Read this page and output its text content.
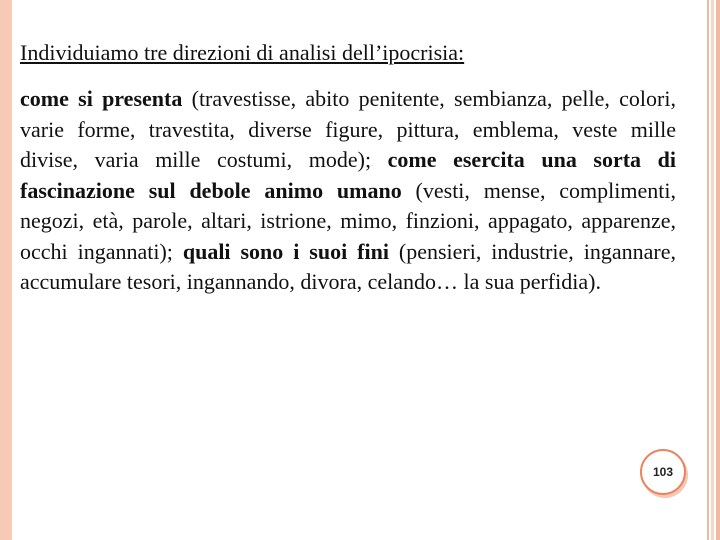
Individuiamo tre direzioni di analisi dell’ipocrisia:

come si presenta (travestisse, abito penitente, sembianza, pelle, colori, varie forme, travestita, diverse figure, pittura, emblema, veste mille divise, varia mille costumi, mode); come esercita una sorta di fascinazione sul debole animo umano (vesti, mense, complimenti, negozi, età, parole, altari, istrione, mimo, finzioni, appagato, apparenze, occhi ingannati); quali sono i suoi fini (pensieri, industrie, ingannare, accumulare tesori, ingannando, divora, celando… la sua perfidia).

103
